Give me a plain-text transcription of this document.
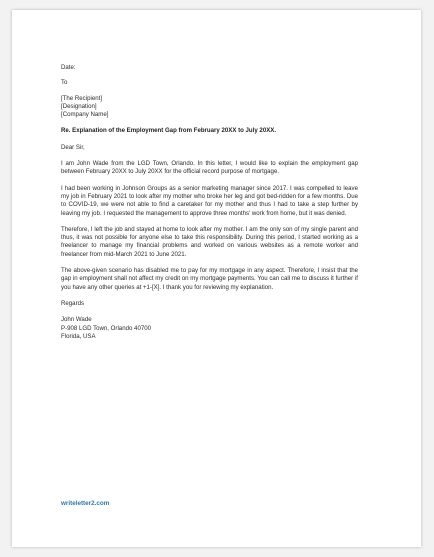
Date:

To

[The Recipient]

[Designation]

[Company Name]

Re. Explanation of the Employment Gap from February 20XX to July 20XX.

Dear Sir,

I am John Wade from the LGD Town, Orlando. In this letter, I would like to explain the employment gap between February 20XX to July 20XX for the official record purpose of mortgage.

I had been working in Johnson Groups as a senior marketing manager since 2017. I was compelled to leave my job in February 2021 to look after my mother who broke her leg and got bed-ridden for a few months. Due to COVID-19, we were not able to find a caretaker for my mother and thus I had to take a step further by leaving my job. I requested the management to approve three months' work from home, but it was denied.

Therefore, I left the job and stayed at home to look after my mother. I am the only son of my single parent and thus, it was not possible for anyone else to take this responsibility. During this period, I started working as a freelancer to manage my financial problems and worked on various websites as a remote worker and freelancer from mid-March 2021 to June 2021.

The above-given scenario has disabled me to pay for my mortgage in any aspect. Therefore, I insist that the gap in employment shall not affect my credit on my mortgage payments. You can call me to discuss it further if you have any other queries at +1-[X]. I thank you for reviewing my explanation.

Regards

John Wade

P-908 LGD Town, Orlando 40700

Florida, USA

writeletter2.com
